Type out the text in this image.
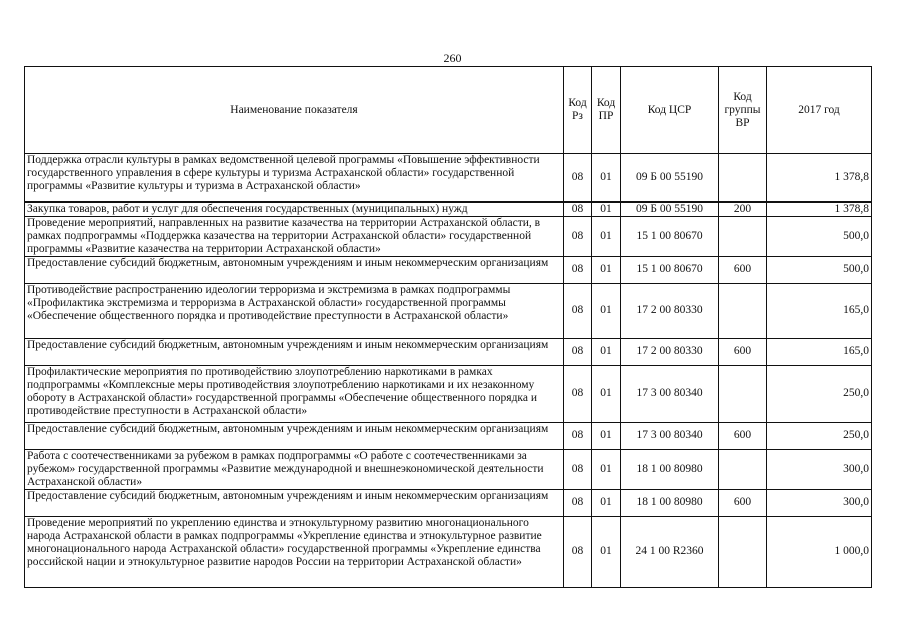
260
Наименование показателя	Код Рз	Код ПР	Код ЦСР	Код группы ВР	2017 год
Поддержка отрасли культуры в рамках ведомственной целевой программы «Повышение эффективности государственного управления в сфере культуры и туризма Астраханской области» государственной программы «Развитие культуры и туризма в Астраханской области»	08	01	09 Б 00 55190		1 378,8
Закупка товаров, работ и услуг для обеспечения государственных (муниципальных) нужд	08	01	09 Б 00 55190	200	1 378,8
Проведение мероприятий, направленных на развитие казачества на территории Астраханской области, в рамках подпрограммы «Поддержка казачества на территории Астраханской области» государственной программы «Развитие казачества на территории Астраханской области»	08	01	15 1 00 80670		500,0
Предоставление субсидий бюджетным, автономным учреждениям и иным некоммерческим организациям	08	01	15 1 00 80670	600	500,0
Противодействие распространению идеологии терроризма и экстремизма в рамках подпрограммы «Профилактика экстремизма и терроризма в Астраханской области» государственной программы «Обеспечение общественного порядка и противодействие преступности в Астраханской области»	08	01	17 2 00 80330		165,0
Предоставление субсидий бюджетным, автономным учреждениям и иным некоммерческим организациям	08	01	17 2 00 80330	600	165,0
Профилактические мероприятия по противодействию злоупотреблению наркотиками в рамках подпрограммы «Комплексные меры противодействия злоупотреблению наркотиками и их незаконному обороту в Астраханской области» государственной программы «Обеспечение общественного порядка и противодействие преступности в Астраханской области»	08	01	17 3 00 80340		250,0
Предоставление субсидий бюджетным, автономным учреждениям и иным некоммерческим организациям	08	01	17 3 00 80340	600	250,0
Работа с соотечественниками за рубежом в рамках подпрограммы «О работе с соотечественниками за рубежом» государственной программы «Развитие международной и внешнеэкономической деятельности Астраханской области»	08	01	18 1 00 80980		300,0
Предоставление субсидий бюджетным, автономным учреждениям и иным некоммерческим организациям	08	01	18 1 00 80980	600	300,0
Проведение мероприятий по укреплению единства и этнокультурному развитию многонационального народа Астраханской области в рамках подпрограммы «Укрепление единства и этнокультурное развитие многонационального народа Астраханской области» государственной программы «Укрепление единства российской нации и этнокультурное развитие народов России на территории Астраханской области»	08	01	24 1 00 R2360		1 000,0
